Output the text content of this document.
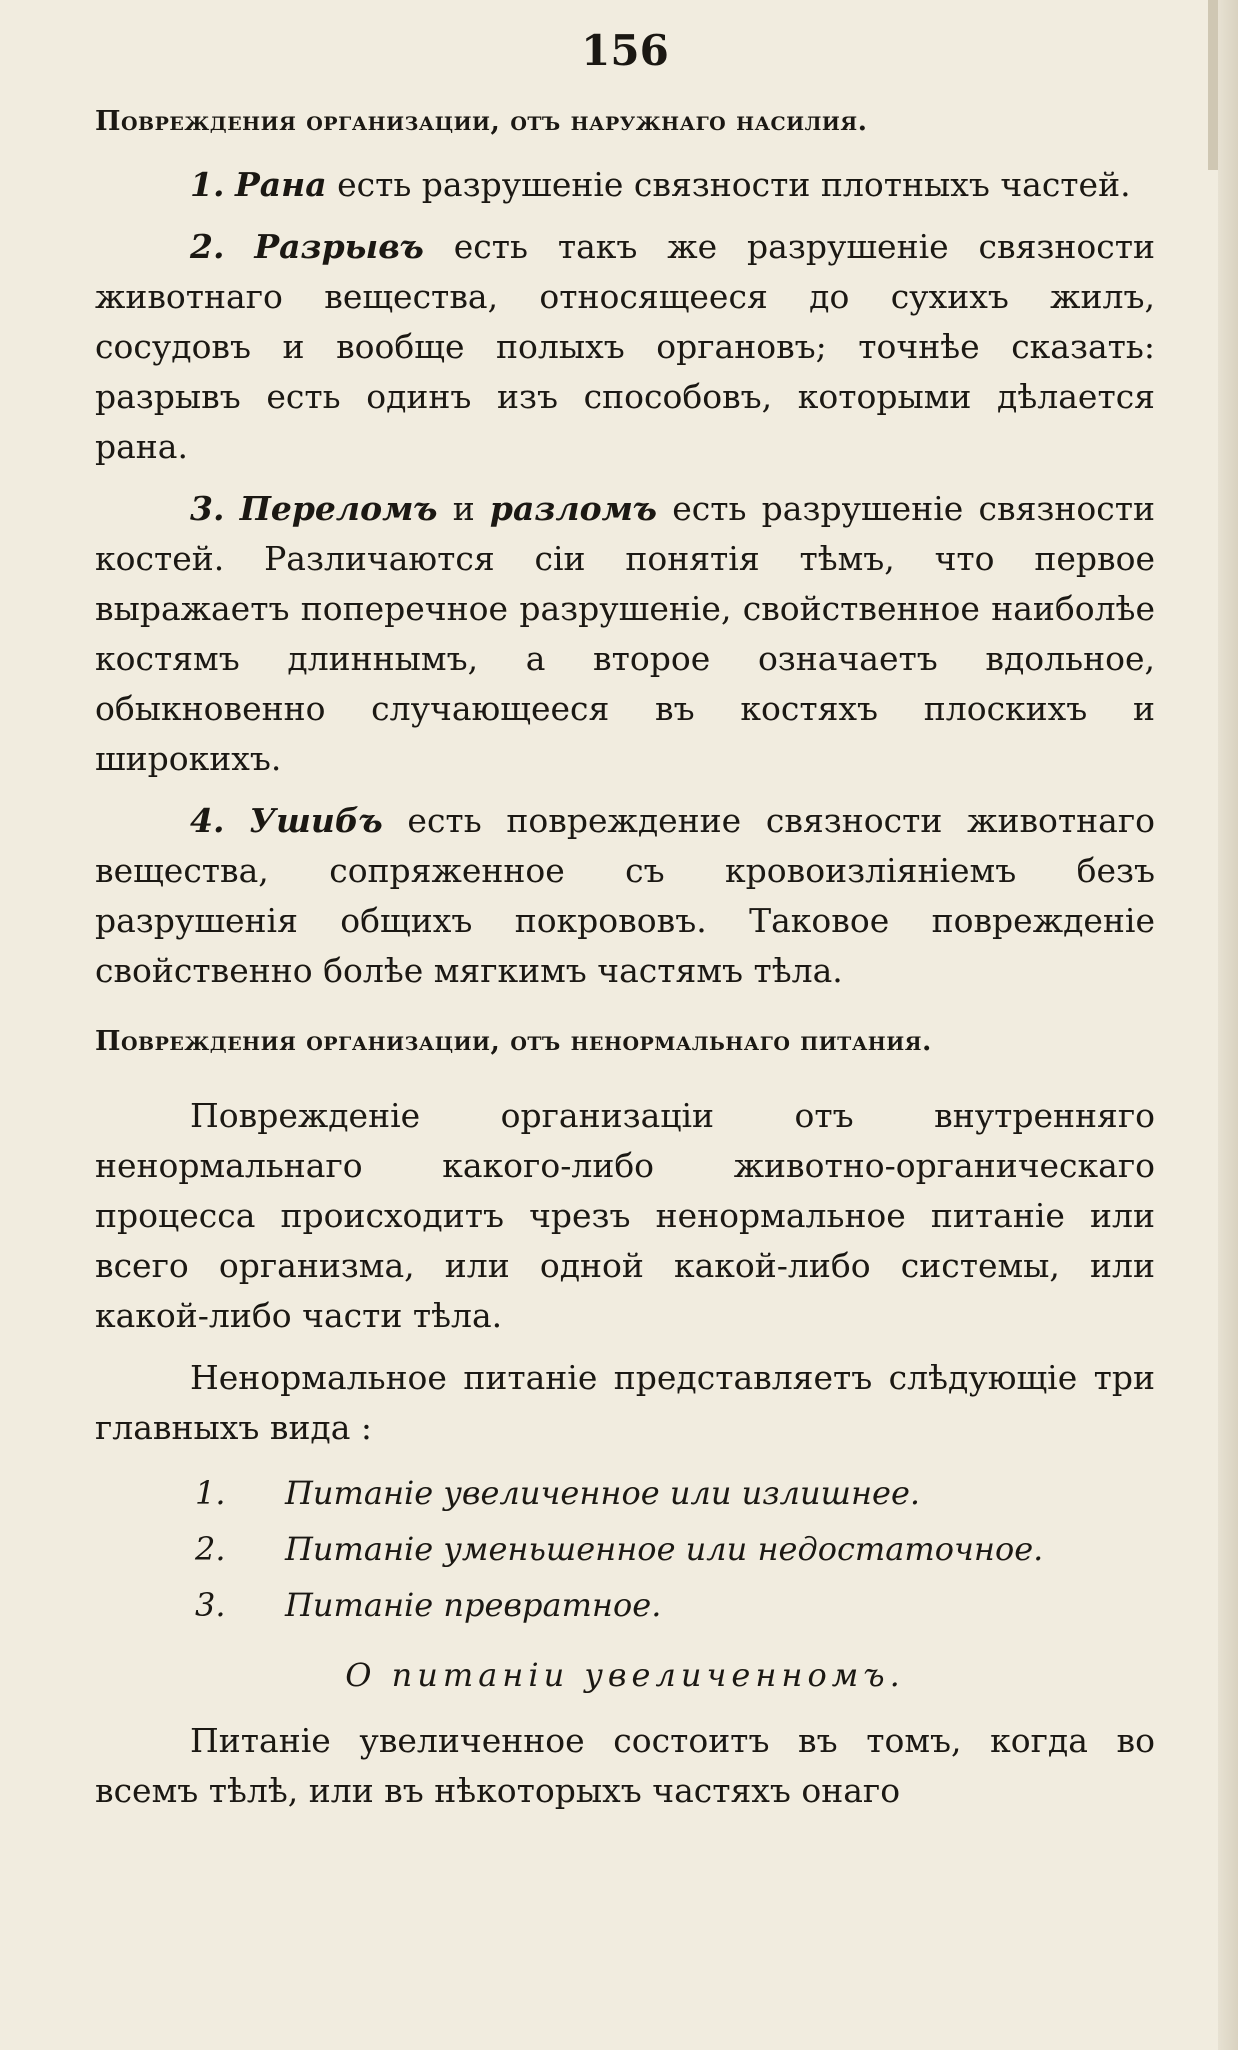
156
Повреждения организации, отъ наружнаго насилия.

1. Рана есть разрушеніе связности плотныхъ частей.

2. Разрывъ есть такъ же разрушеніе связности животнаго вещества, относящееся до сухихъ жилъ, сосудовъ и вообще полыхъ органовъ; точнѣе сказать: разрывъ есть одинъ изъ способовъ, которыми дѣлается рана.

3. Переломъ и разломъ есть разрушеніе связности костей. Различаются сіи понятія тѣмъ, что первое выражаетъ поперечное разрушеніе, свойственное наиболѣе костямъ длиннымъ, а второе означаетъ вдольное, обыкновенно случающееся въ костяхъ плоскихъ и широкихъ.

4. Ушибъ есть повреждение связности животнаго вещества, сопряженное съ кровоизліяніемъ безъ разрушенія общихъ покрововъ. Таковое поврежденіе свойственно болѣе мягкимъ частямъ тѣла.

Повреждения организации, отъ ненормальнаго питания.

Поврежденіе организаціи отъ внутренняго ненормальнаго какого-либо животно-органическаго процесса происходитъ чрезъ ненормальное питаніе или всего организма, или одной какой-либо системы, или какой-либо части тѣла.

Ненормальное питаніе представляетъ слѣдующіе три главныхъ вида :

1. Питаніе увеличенное или излишнее.
2. Питаніе уменьшенное или недостаточное.
3. Питаніе превратное.
О питаніи увеличенномъ.

Питаніе увеличенное состоитъ въ томъ, когда во всемъ тѣлѣ, или въ нѣкоторыхъ частяхъ онаго
